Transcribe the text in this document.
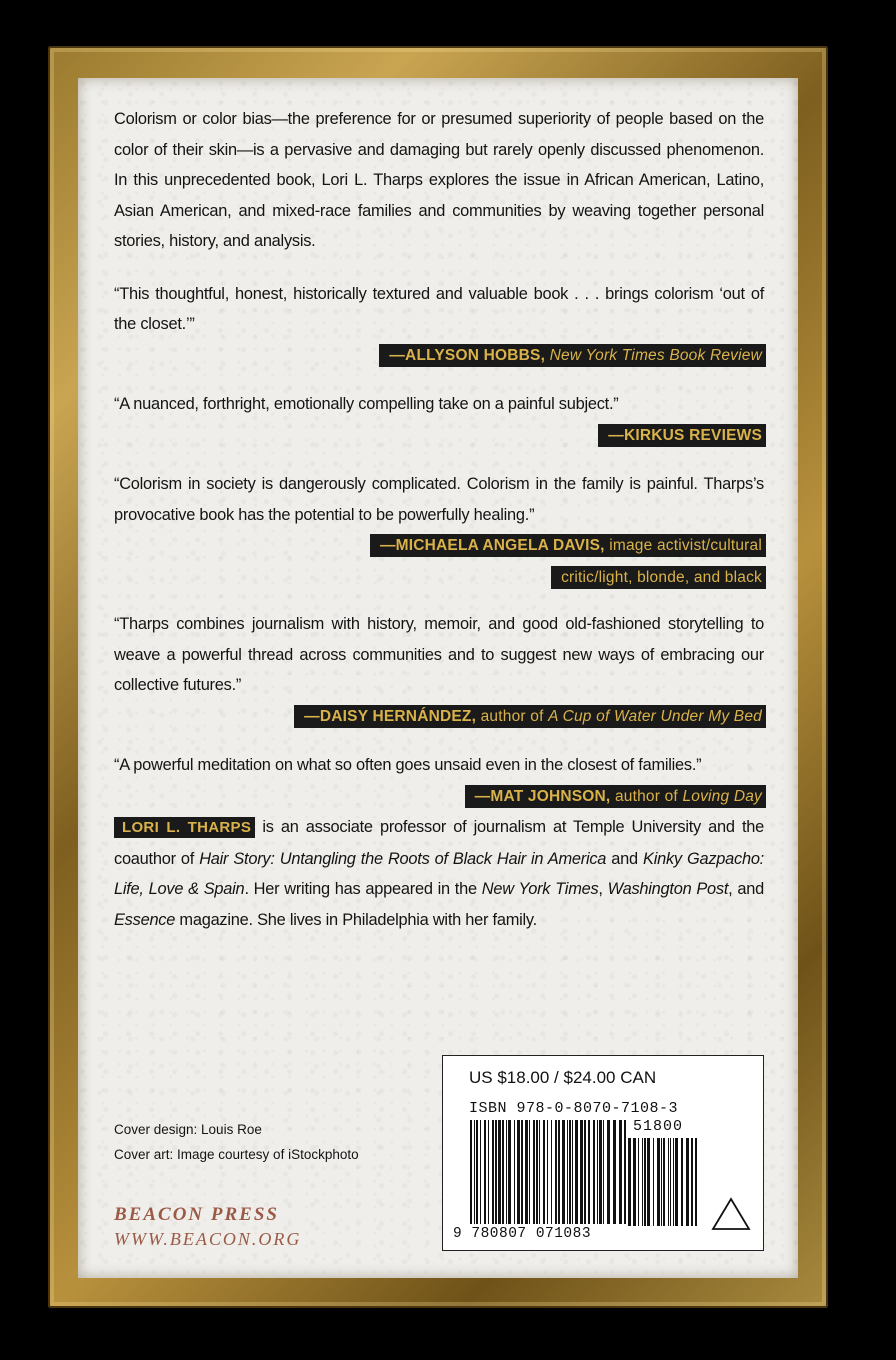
Colorism or color bias—the preference for or presumed superiority of people based on the color of their skin—is a pervasive and damaging but rarely openly discussed phenomenon. In this unprecedented book, Lori L. Tharps explores the issue in African American, Latino, Asian American, and mixed-race families and communities by weaving together personal stories, history, and analysis.

“This thoughtful, honest, historically textured and valuable book . . . brings colorism ‘out of the closet.’”

—ALLYSON HOBBS, New York Times Book Review

“A nuanced, forthright, emotionally compelling take on a painful subject.”

—KIRKUS REVIEWS

“Colorism in society is dangerously complicated. Colorism in the family is painful. Tharps’s provocative book has the potential to be powerfully healing.”

—MICHAELA ANGELA DAVIS, image activist/cultural critic/light, blonde, and black

“Tharps combines journalism with history, memoir, and good old-fashioned storytelling to weave a powerful thread across communities and to suggest new ways of embracing our collective futures.”

—DAISY HERNÁNDEZ, author of A Cup of Water Under My Bed

“A powerful meditation on what so often goes unsaid even in the closest of families.”

—MAT JOHNSON, author of Loving Day

LORI L. THARPS is an associate professor of journalism at Temple University and the coauthor of Hair Story: Untangling the Roots of Black Hair in America and Kinky Gazpacho: Life, Love & Spain. Her writing has appeared in the New York Times, Washington Post, and Essence magazine. She lives in Philadelphia with her family.

Cover design: Louis Roe
Cover art: Image courtesy of iStockphoto
BEACON PRESS
WWW.BEACON.ORG
US $18.00 / $24.00 CAN
ISBN 978-0-8070-7108-3
51800
9 780807 071083
